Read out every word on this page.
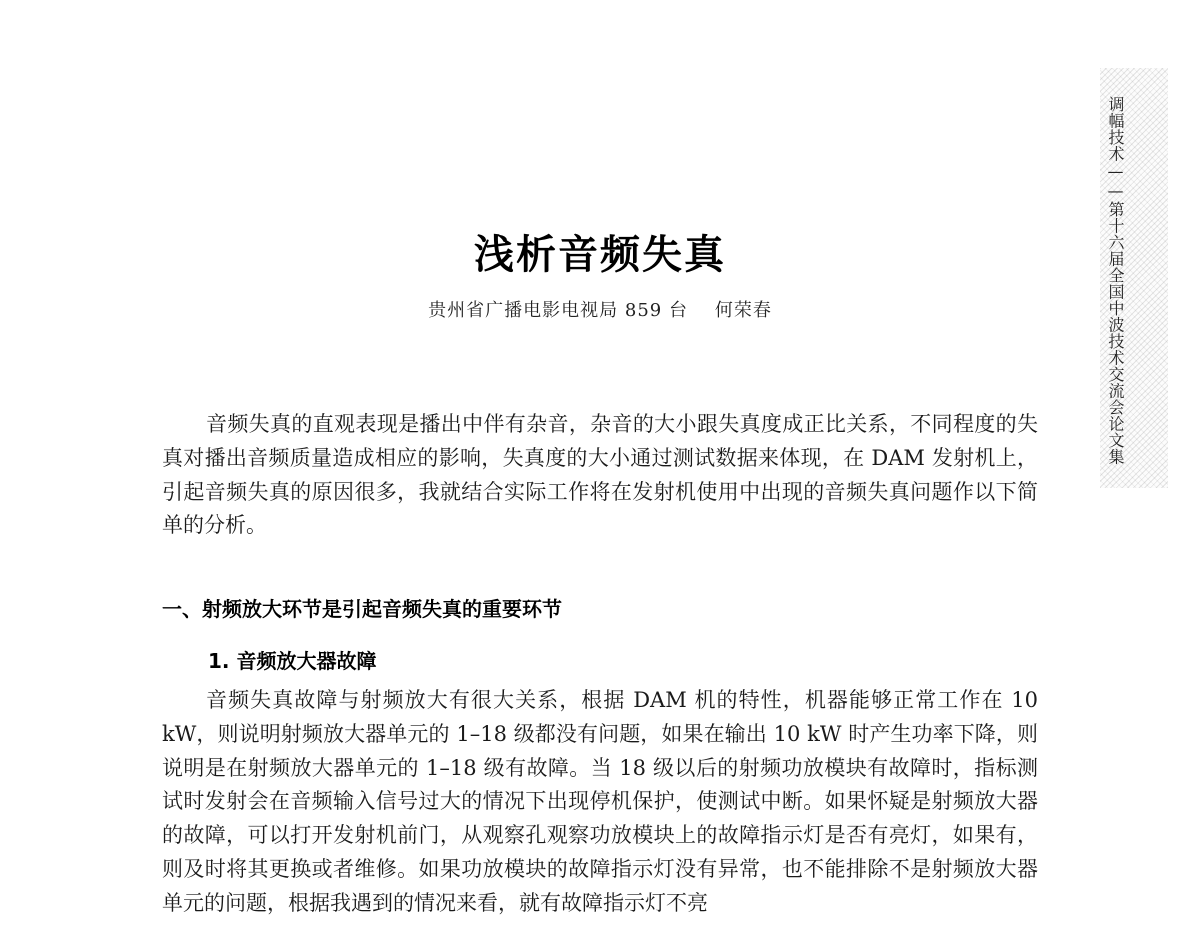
调幅技术——第十六届全国中波技术交流会论文集
浅析音频失真
贵州省广播电影电视局 859 台    何荣春

音频失真的直观表现是播出中伴有杂音，杂音的大小跟失真度成正比关系，不同程度的失真对播出音频质量造成相应的影响，失真度的大小通过测试数据来体现，在 DAM 发射机上，引起音频失真的原因很多，我就结合实际工作将在发射机使用中出现的音频失真问题作以下简单的分析。

一、射频放大环节是引起音频失真的重要环节
1. 音频放大器故障

音频失真故障与射频放大有很大关系，根据 DAM 机的特性，机器能够正常工作在 10 kW，则说明射频放大器单元的 1–18 级都没有问题，如果在输出 10 kW 时产生功率下降，则说明是在射频放大器单元的 1–18 级有故障。当 18 级以后的射频功放模块有故障时，指标测试时发射会在音频输入信号过大的情况下出现停机保护，使测试中断。如果怀疑是射频放大器的故障，可以打开发射机前门，从观察孔观察功放模块上的故障指示灯是否有亮灯，如果有，则及时将其更换或者维修。如果功放模块的故障指示灯没有异常，也不能排除不是射频放大器单元的问题，根据我遇到的情况来看，就有故障指示灯不亮
